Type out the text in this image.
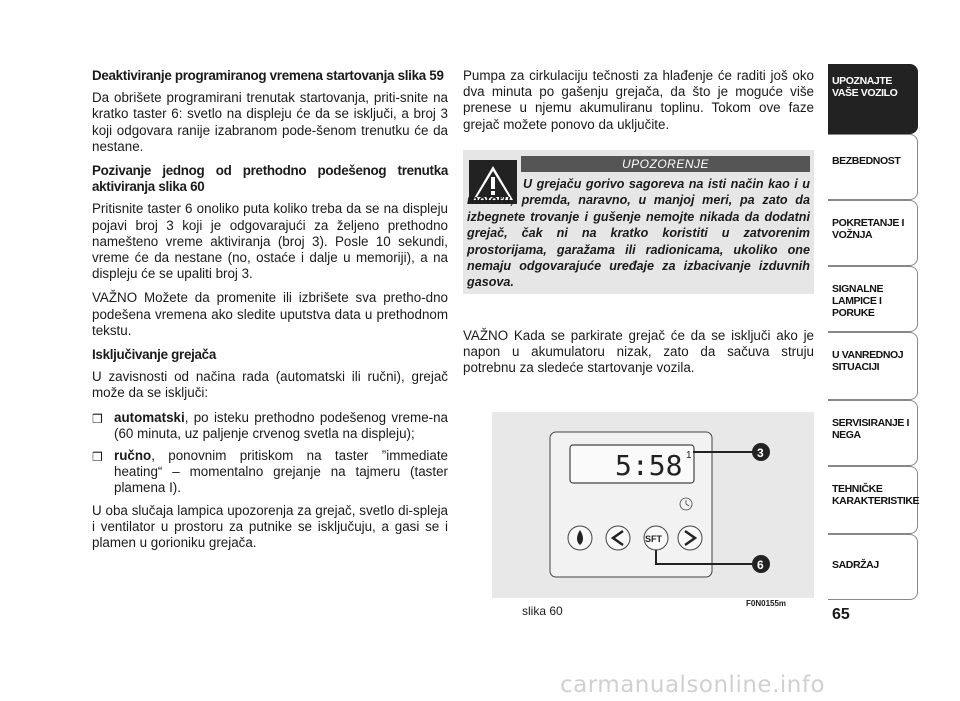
Deaktiviranje programiranog vremena startovanja slika 59

Da obrišete programirani trenutak startovanja, priti-snite na kratko taster 6: svetlo na displeju će da se isključi, a broj 3 koji odgovara ranije izabranom pode-šenom trenutku će da nestane.

Pozivanje jednog od prethodno podešenog trenutka aktiviranja slika 60

Pritisnite taster 6 onoliko puta koliko treba da se na displeju pojavi broj 3 koji je odgovarajući za željeno prethodno namešteno vreme aktiviranja (broj 3). Posle 10 sekundi, vreme će da nestane (no, ostaće i dalje u memoriji), a na displeju će se upaliti broj 3.

VAŽNO Možete da promenite ili izbrišete sva pretho-dno podešena vremena ako sledite uputstva data u prethodnom tekstu.

Isključivanje grejača

U zavisnosti od načina rada (automatski ili ručni), grejač može da se isključi:

❒ automatski, po isteku prethodno podešenog vreme-na (60 minuta, uz paljenje crvenog svetla na displeju);
❒ ručno, ponovnim pritiskom na taster ”immediate heating“ – momentalno grejanje na tajmeru (taster plamena I).

U oba slučaja lampica upozorenja za grejač, svetlo di-spleja i ventilator u prostoru za putnike se isključuju, a gasi se i plamen u gorioniku grejača.

Pumpa za cirkulaciju tečnosti za hlađenje će raditi još oko dva minuta po gašenju grejača, da što je moguće više prenese u njemu akumuliranu toplinu. Tokom ove faze grejač možete ponovo da uključite.

UPOZORENJE
U grejaču gorivo sagoreva na isti način kao i u motoru, premda, naravno, u manjoj meri, pa zato da izbegnete trovanje i gušenje nemojte nikada da dodatni grejač, čak ni na kratko koristiti u zatvorenim prostorijama, garažama ili radionicama, ukoliko one nemaju odgovarajuće uređaje za izbacivanje izduvnih gasova.

VAŽNO Kada se parkirate grejač će da se isključi ako je napon u akumulatoru nizak, zato da sačuva struju potrebnu za sledeće startovanje vozila.

5:58 1
SFT
3
6
slika 60
F0N0155m
UPOZNAJTE VAŠE VOZILO
BEZBEDNOST
POKRETANJE I VOŽNJA
SIGNALNE LAMPICE I PORUKE
U VANREDNOJ SITUACIJI
SERVISIRANJE I NEGA
TEHNIČKE KARAKTERISTIKE
SADRŽAJ
65
carmanualsonline.info
